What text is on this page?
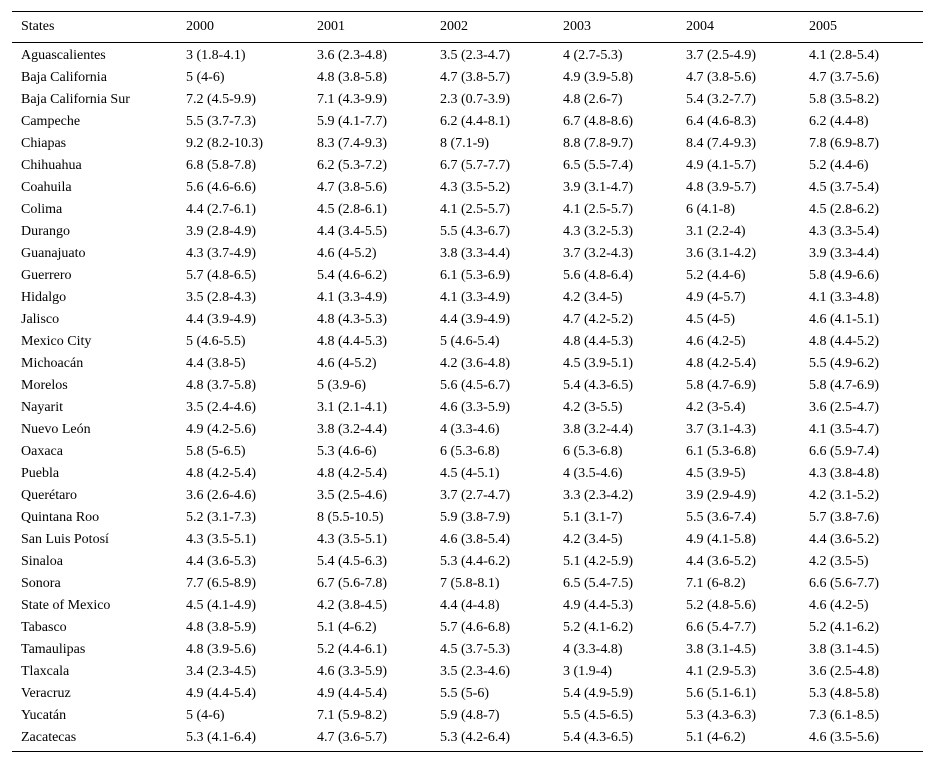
States	2000	2001	2002	2003	2004	2005
Aguascalientes	3 (1.8-4.1)	3.6 (2.3-4.8)	3.5 (2.3-4.7)	4 (2.7-5.3)	3.7 (2.5-4.9)	4.1 (2.8-5.4)
Baja California	5 (4-6)	4.8 (3.8-5.8)	4.7 (3.8-5.7)	4.9 (3.9-5.8)	4.7 (3.8-5.6)	4.7 (3.7-5.6)
Baja California Sur	7.2 (4.5-9.9)	7.1 (4.3-9.9)	2.3 (0.7-3.9)	4.8 (2.6-7)	5.4 (3.2-7.7)	5.8 (3.5-8.2)
Campeche	5.5 (3.7-7.3)	5.9 (4.1-7.7)	6.2 (4.4-8.1)	6.7 (4.8-8.6)	6.4 (4.6-8.3)	6.2 (4.4-8)
Chiapas	9.2 (8.2-10.3)	8.3 (7.4-9.3)	8 (7.1-9)	8.8 (7.8-9.7)	8.4 (7.4-9.3)	7.8 (6.9-8.7)
Chihuahua	6.8 (5.8-7.8)	6.2 (5.3-7.2)	6.7 (5.7-7.7)	6.5 (5.5-7.4)	4.9 (4.1-5.7)	5.2 (4.4-6)
Coahuila	5.6 (4.6-6.6)	4.7 (3.8-5.6)	4.3 (3.5-5.2)	3.9 (3.1-4.7)	4.8 (3.9-5.7)	4.5 (3.7-5.4)
Colima	4.4 (2.7-6.1)	4.5 (2.8-6.1)	4.1 (2.5-5.7)	4.1 (2.5-5.7)	6 (4.1-8)	4.5 (2.8-6.2)
Durango	3.9 (2.8-4.9)	4.4 (3.4-5.5)	5.5 (4.3-6.7)	4.3 (3.2-5.3)	3.1 (2.2-4)	4.3 (3.3-5.4)
Guanajuato	4.3 (3.7-4.9)	4.6 (4-5.2)	3.8 (3.3-4.4)	3.7 (3.2-4.3)	3.6 (3.1-4.2)	3.9 (3.3-4.4)
Guerrero	5.7 (4.8-6.5)	5.4 (4.6-6.2)	6.1 (5.3-6.9)	5.6 (4.8-6.4)	5.2 (4.4-6)	5.8 (4.9-6.6)
Hidalgo	3.5 (2.8-4.3)	4.1 (3.3-4.9)	4.1 (3.3-4.9)	4.2 (3.4-5)	4.9 (4-5.7)	4.1 (3.3-4.8)
Jalisco	4.4 (3.9-4.9)	4.8 (4.3-5.3)	4.4 (3.9-4.9)	4.7 (4.2-5.2)	4.5 (4-5)	4.6 (4.1-5.1)
Mexico City	5 (4.6-5.5)	4.8 (4.4-5.3)	5 (4.6-5.4)	4.8 (4.4-5.3)	4.6 (4.2-5)	4.8 (4.4-5.2)
Michoacán	4.4 (3.8-5)	4.6 (4-5.2)	4.2 (3.6-4.8)	4.5 (3.9-5.1)	4.8 (4.2-5.4)	5.5 (4.9-6.2)
Morelos	4.8 (3.7-5.8)	5 (3.9-6)	5.6 (4.5-6.7)	5.4 (4.3-6.5)	5.8 (4.7-6.9)	5.8 (4.7-6.9)
Nayarit	3.5 (2.4-4.6)	3.1 (2.1-4.1)	4.6 (3.3-5.9)	4.2 (3-5.5)	4.2 (3-5.4)	3.6 (2.5-4.7)
Nuevo León	4.9 (4.2-5.6)	3.8 (3.2-4.4)	4 (3.3-4.6)	3.8 (3.2-4.4)	3.7 (3.1-4.3)	4.1 (3.5-4.7)
Oaxaca	5.8 (5-6.5)	5.3 (4.6-6)	6 (5.3-6.8)	6 (5.3-6.8)	6.1 (5.3-6.8)	6.6 (5.9-7.4)
Puebla	4.8 (4.2-5.4)	4.8 (4.2-5.4)	4.5 (4-5.1)	4 (3.5-4.6)	4.5 (3.9-5)	4.3 (3.8-4.8)
Querétaro	3.6 (2.6-4.6)	3.5 (2.5-4.6)	3.7 (2.7-4.7)	3.3 (2.3-4.2)	3.9 (2.9-4.9)	4.2 (3.1-5.2)
Quintana Roo	5.2 (3.1-7.3)	8 (5.5-10.5)	5.9 (3.8-7.9)	5.1 (3.1-7)	5.5 (3.6-7.4)	5.7 (3.8-7.6)
San Luis Potosí	4.3 (3.5-5.1)	4.3 (3.5-5.1)	4.6 (3.8-5.4)	4.2 (3.4-5)	4.9 (4.1-5.8)	4.4 (3.6-5.2)
Sinaloa	4.4 (3.6-5.3)	5.4 (4.5-6.3)	5.3 (4.4-6.2)	5.1 (4.2-5.9)	4.4 (3.6-5.2)	4.2 (3.5-5)
Sonora	7.7 (6.5-8.9)	6.7 (5.6-7.8)	7 (5.8-8.1)	6.5 (5.4-7.5)	7.1 (6-8.2)	6.6 (5.6-7.7)
State of Mexico	4.5 (4.1-4.9)	4.2 (3.8-4.5)	4.4 (4-4.8)	4.9 (4.4-5.3)	5.2 (4.8-5.6)	4.6 (4.2-5)
Tabasco	4.8 (3.8-5.9)	5.1 (4-6.2)	5.7 (4.6-6.8)	5.2 (4.1-6.2)	6.6 (5.4-7.7)	5.2 (4.1-6.2)
Tamaulipas	4.8 (3.9-5.6)	5.2 (4.4-6.1)	4.5 (3.7-5.3)	4 (3.3-4.8)	3.8 (3.1-4.5)	3.8 (3.1-4.5)
Tlaxcala	3.4 (2.3-4.5)	4.6 (3.3-5.9)	3.5 (2.3-4.6)	3 (1.9-4)	4.1 (2.9-5.3)	3.6 (2.5-4.8)
Veracruz	4.9 (4.4-5.4)	4.9 (4.4-5.4)	5.5 (5-6)	5.4 (4.9-5.9)	5.6 (5.1-6.1)	5.3 (4.8-5.8)
Yucatán	5 (4-6)	7.1 (5.9-8.2)	5.9 (4.8-7)	5.5 (4.5-6.5)	5.3 (4.3-6.3)	7.3 (6.1-8.5)
Zacatecas	5.3 (4.1-6.4)	4.7 (3.6-5.7)	5.3 (4.2-6.4)	5.4 (4.3-6.5)	5.1 (4-6.2)	4.6 (3.5-5.6)
